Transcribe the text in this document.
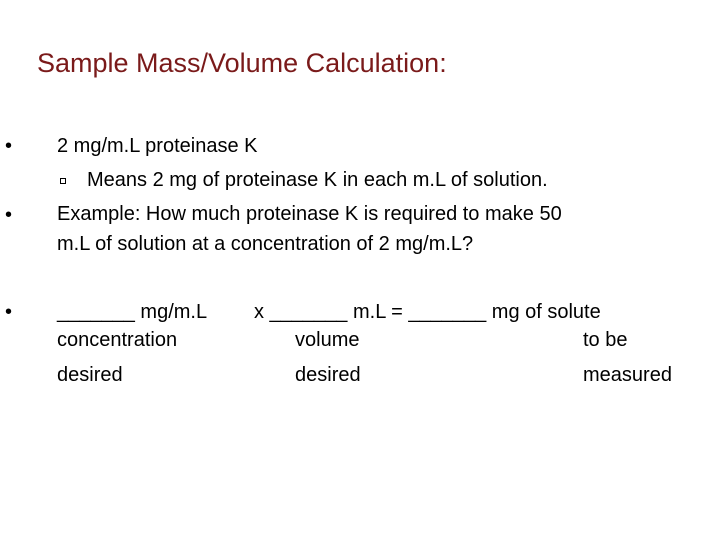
Sample Mass/Volume Calculation:
• 2 mg/m.L proteinase K
Means 2 mg of proteinase K in each m.L of solution.
• Example: How much proteinase K is required to make 50
m.L of solution at a concentration of 2 mg/m.L?
• _______ mg/m.L x _______ m.L = _______ mg of solute
concentration	volume	to be
desired	desired	measured
